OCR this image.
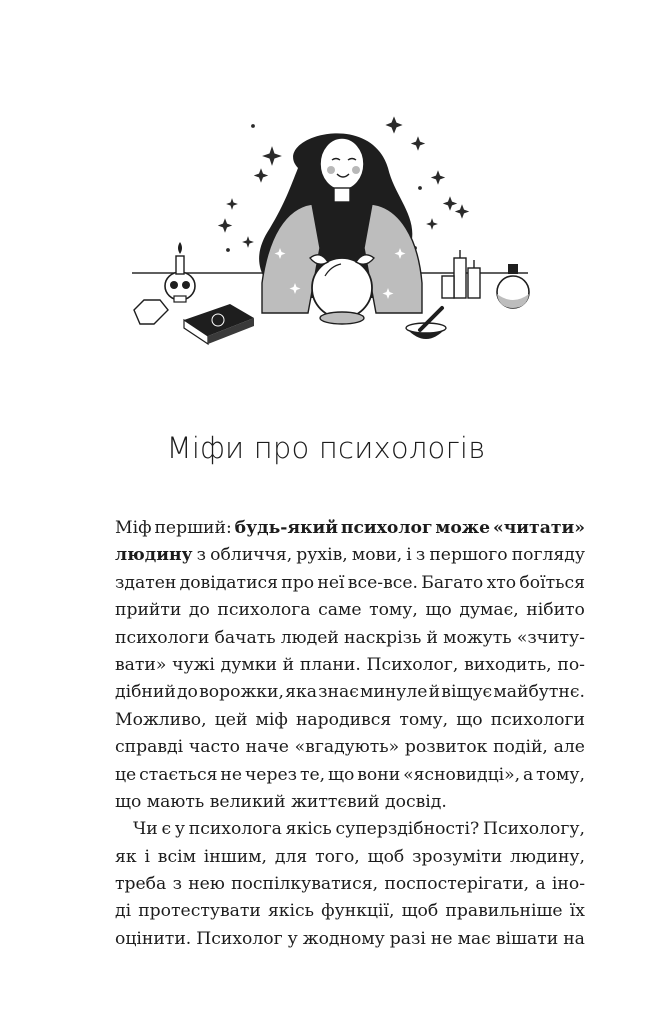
Міфи про психологів
Міф перший: будь-який психолог може «читати»
людину з обличчя, рухів, мови, і з першого погляду
здатен довідатися про неї все-все. Багато хто боїться
прийти до психолога саме тому, що думає, нібито
психологи бачать людей наскрізь й можуть «зчиту-
вати» чужі думки й плани. Психолог, виходить, по-
дібний до ворожки, яка знає минуле й віщує майбутнє.
Можливо, цей міф народився тому, що психологи
справді часто наче «вгадують» розвиток подій, але
це стається не через те, що вони «ясновидці», а тому,
що мають великий життєвий досвід.
Чи є у психолога якісь суперздібності? Психологу,
як і всім іншим, для того, щоб зрозуміти людину,
треба з нею поспілкуватися, поспостерігати, а іно-
ді протестувати якісь функції, щоб правильніше їх
оцінити. Психолог у жодному разі не має вішати на
